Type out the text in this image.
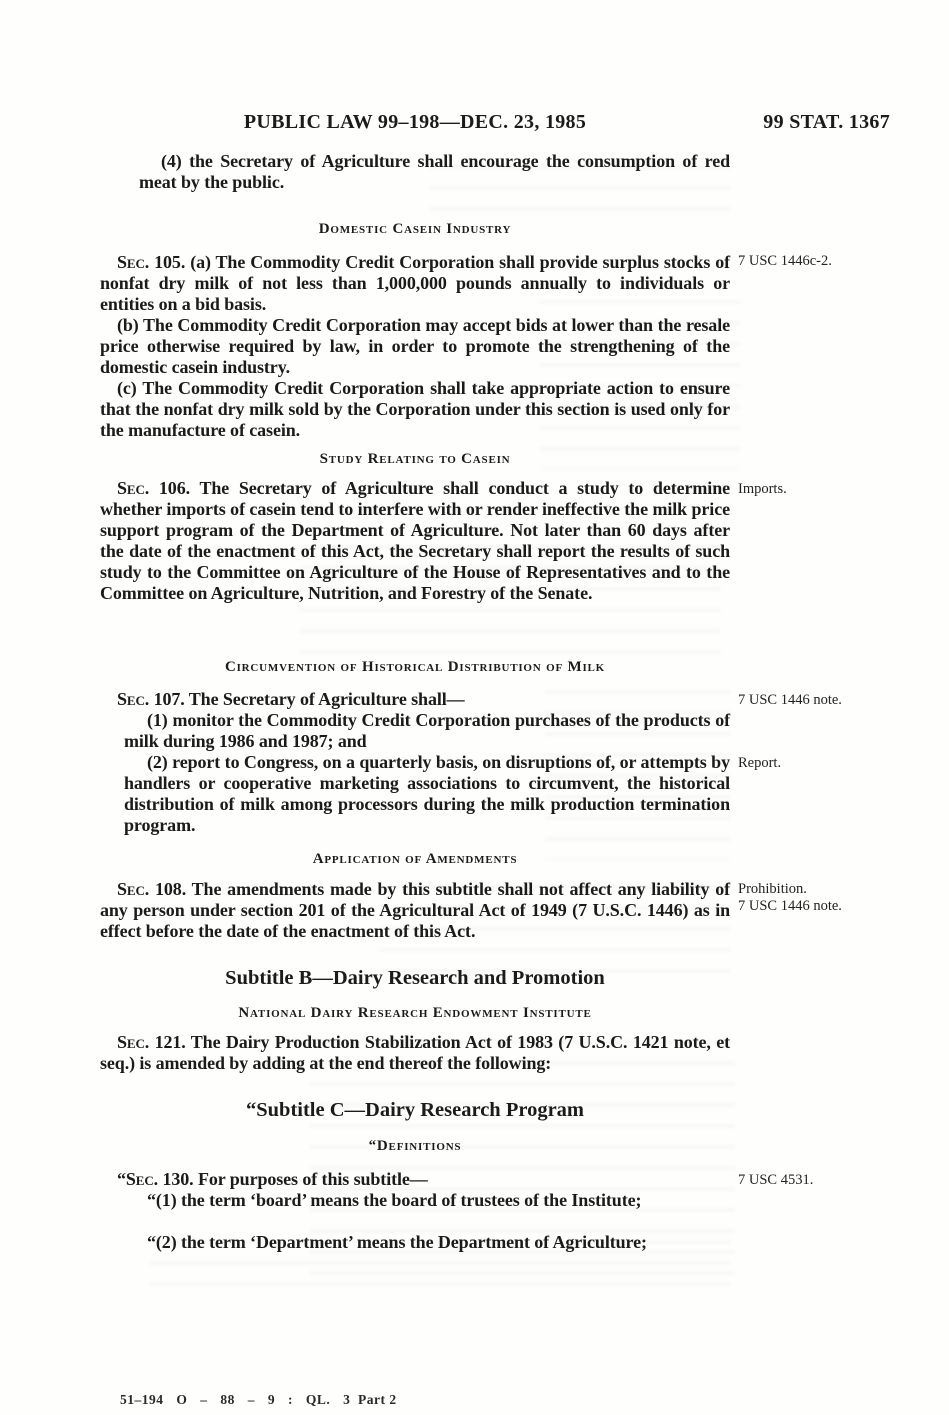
PUBLIC LAW 99–198—DEC. 23, 1985	99 STAT. 1367

(4) the Secretary of Agriculture shall encourage the consumption of red meat by the public.

Domestic Casein Industry

Sec. 105. (a) The Commodity Credit Corporation shall provide surplus stocks of nonfat dry milk of not less than 1,000,000 pounds annually to individuals or entities on a bid basis.

(b) The Commodity Credit Corporation may accept bids at lower than the resale price otherwise required by law, in order to promote the strengthening of the domestic casein industry.

(c) The Commodity Credit Corporation shall take appropriate action to ensure that the nonfat dry milk sold by the Corporation under this section is used only for the manufacture of casein.

Study Relating to Casein

Sec. 106. The Secretary of Agriculture shall conduct a study to determine whether imports of casein tend to interfere with or render ineffective the milk price support program of the Department of Agriculture. Not later than 60 days after the date of the enactment of this Act, the Secretary shall report the results of such study to the Committee on Agriculture of the House of Representatives and to the Committee on Agriculture, Nutrition, and Forestry of the Senate.

Circumvention of Historical Distribution of Milk

Sec. 107. The Secretary of Agriculture shall—

(1) monitor the Commodity Credit Corporation purchases of the products of milk during 1986 and 1987; and

(2) report to Congress, on a quarterly basis, on disruptions of, or attempts by handlers or cooperative marketing associations to circumvent, the historical distribution of milk among processors during the milk production termination program.

Application of Amendments

Sec. 108. The amendments made by this subtitle shall not affect any liability of any person under section 201 of the Agricultural Act of 1949 (7 U.S.C. 1446) as in effect before the date of the enactment of this Act.

Subtitle B—Dairy Research and Promotion
National Dairy Research Endowment Institute

Sec. 121. The Dairy Production Stabilization Act of 1983 (7 U.S.C. 1421 note, et seq.) is amended by adding at the end thereof the following:

“Subtitle C—Dairy Research Program
“Definitions

“Sec. 130. For purposes of this subtitle—

“(1) the term ‘board’ means the board of trustees of the Institute;

“(2) the term ‘Department’ means the Department of Agriculture;

7 USC 1446c-2.

Imports.

7 USC 1446 note.

Report.

Prohibition.

7 USC 1446 note.

7 USC 4531.

51–194 O – 88 – 9 : QL. 3 Part 2
